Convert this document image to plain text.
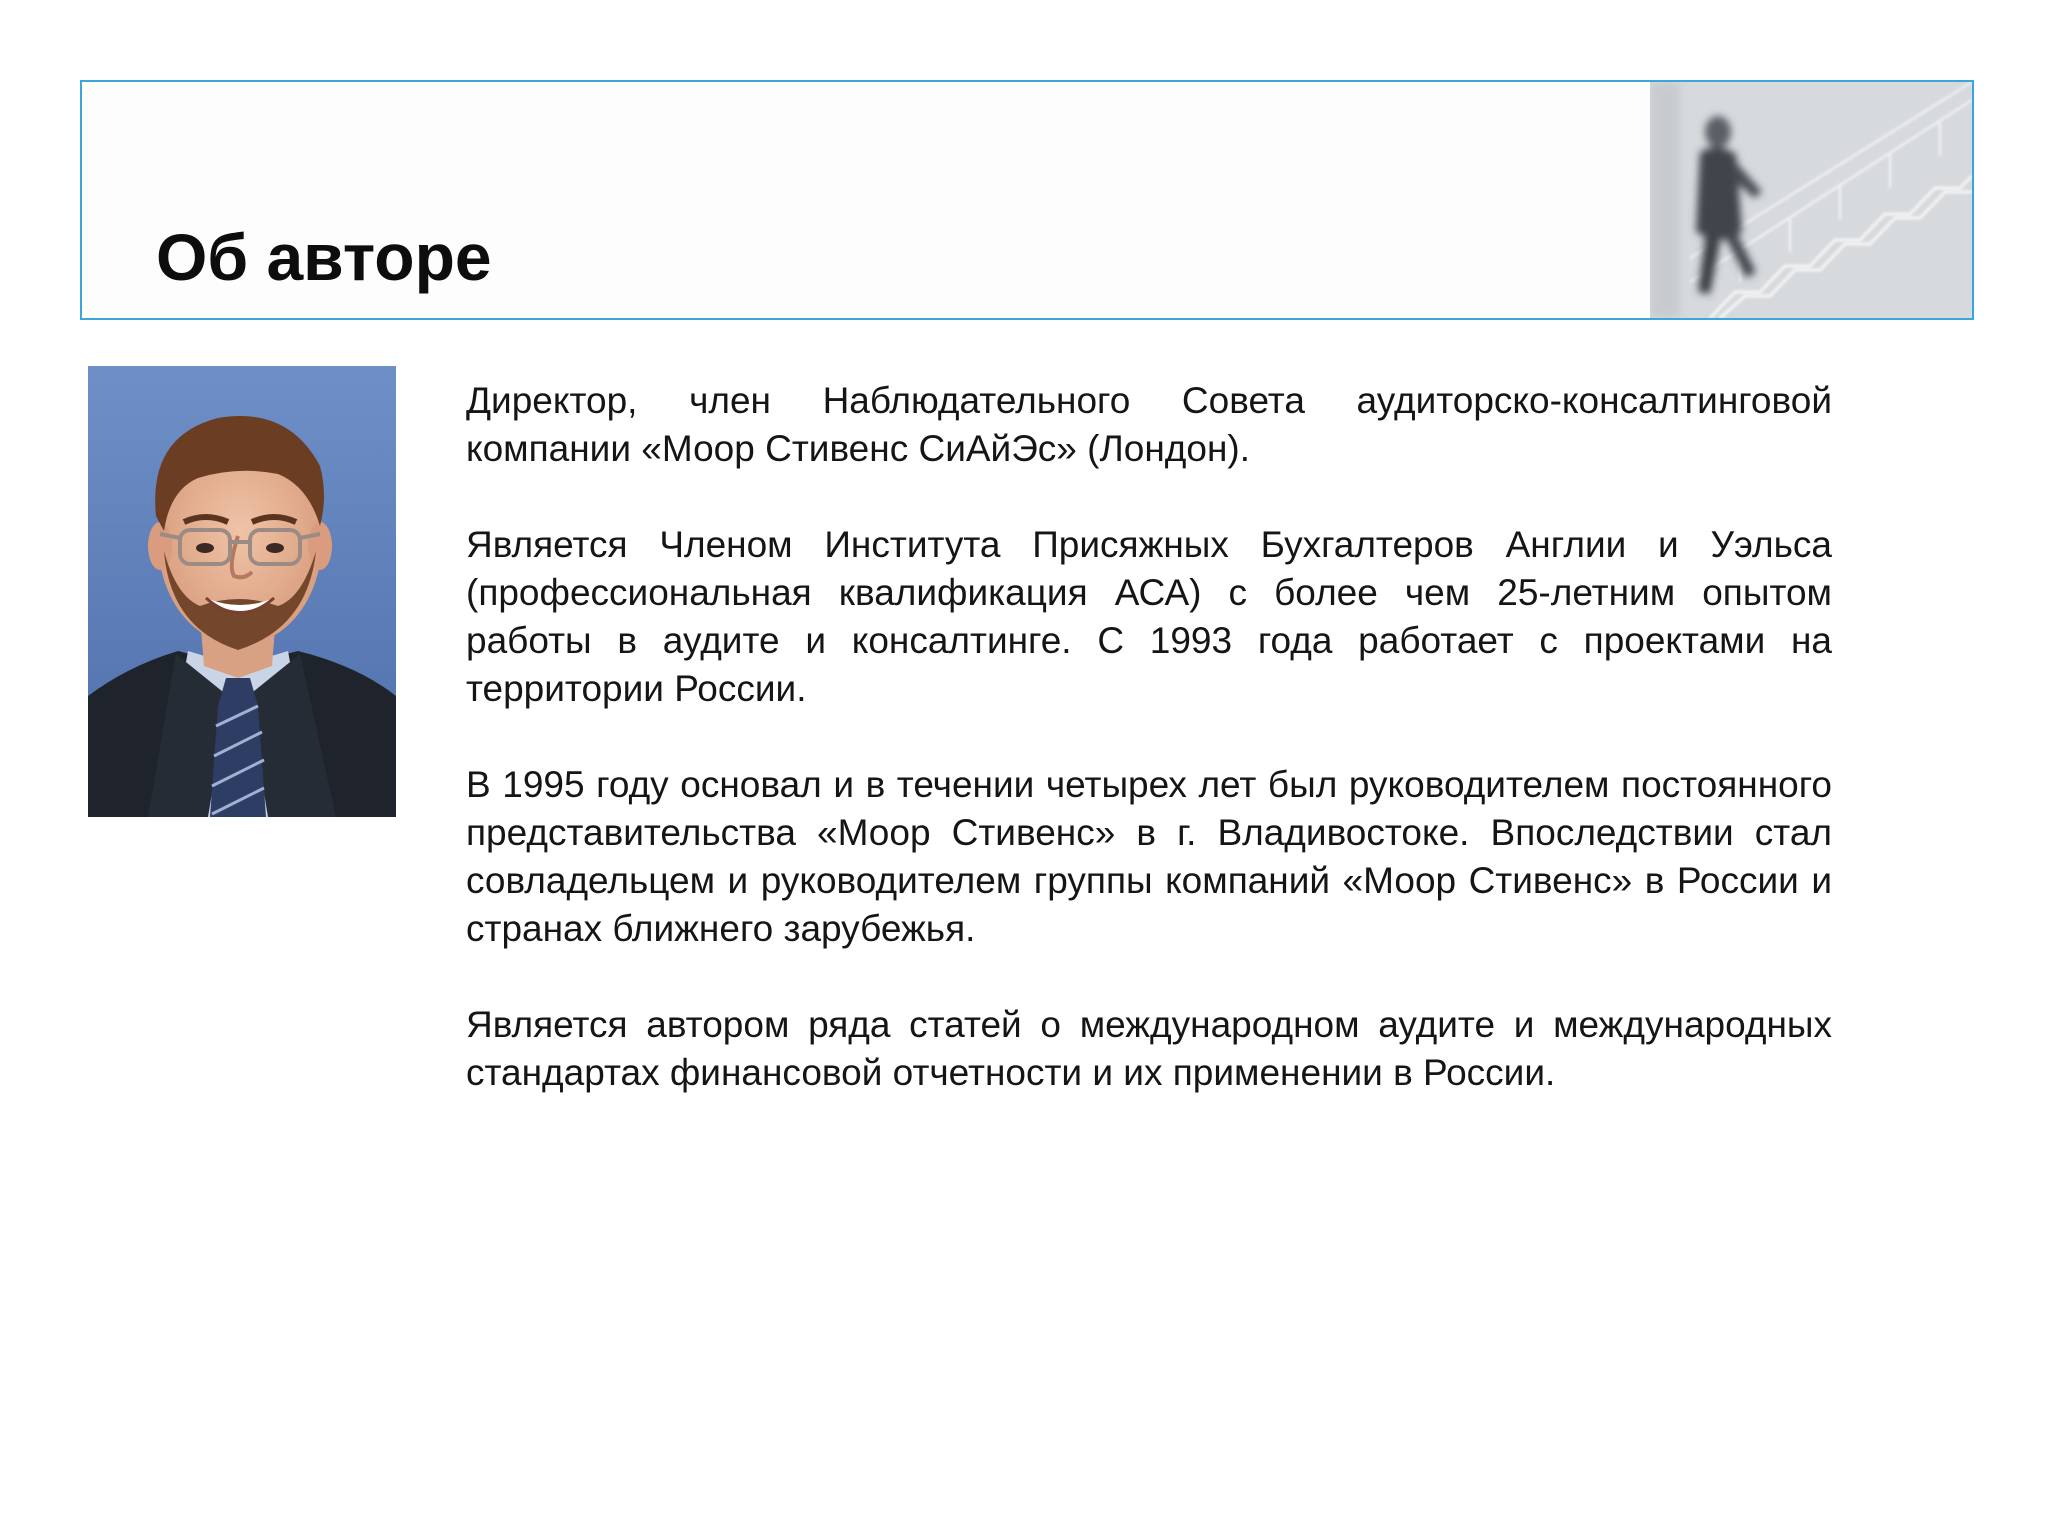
Об авторе

Директор, член Наблюдательного Совета аудиторско-консалтинговой компании «Моор Стивенс СиАйЭс» (Лондон).

Является Членом Института Присяжных Бухгалтеров Англии и Уэльса (профессиональная квалификация АСА) с более чем 25-летним опытом работы в аудите и консалтинге. С 1993 года работает с проектами на территории России.

В 1995 году основал и в течении четырех лет был руководителем постоянного представительства «Моор Стивенс» в г. Владивостоке. Впоследствии стал совладельцем и руководителем группы компаний «Моор Стивенс» в России и странах ближнего зарубежья.

Является автором ряда статей о международном аудите и международных стандартах финансовой отчетности и их применении в России.
